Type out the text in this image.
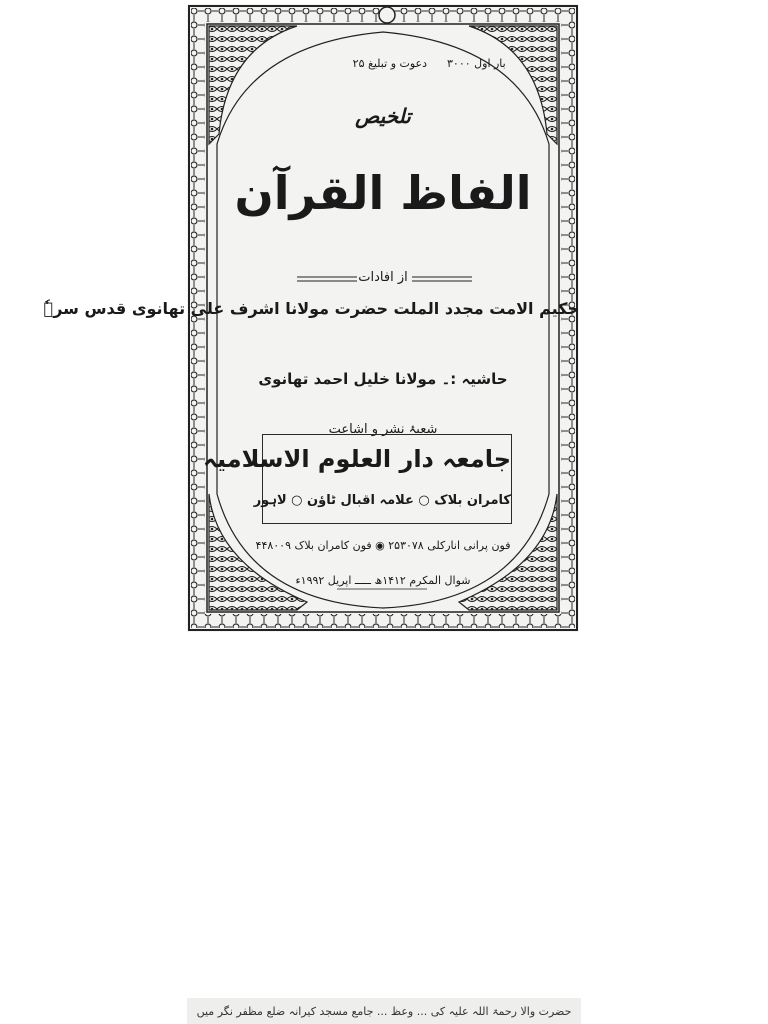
دعوت و تبلیغ ۲۵ بار اول ۳۰۰۰
تلخیص
الفاظ القرآن
از افادات
حکیم الامت مجدد الملت حضرت مولانا اشرف علی تھانوی قدس سرہٗ
حاشیہ :۔ مولانا خلیل احمد تھانوی
شعبۂ نشر و اشاعت
جامعہ دار العلوم الاسلامیہ
کامران بلاک ○ علامہ اقبال ٹاؤن ○ لاہور
فون پرانی انارکلی ۲۵۳۰۷۸ ◉ فون کامران بلاک ۴۴۸۰۰۹
شوال المکرم ۱۴۱۲ھ ـــــ اپریل ۱۹۹۲ء
حضرت والا رحمۃ اللہ علیہ کی ... وعظ ... جامع مسجد کیرانہ ضلع مظفر نگر میں
